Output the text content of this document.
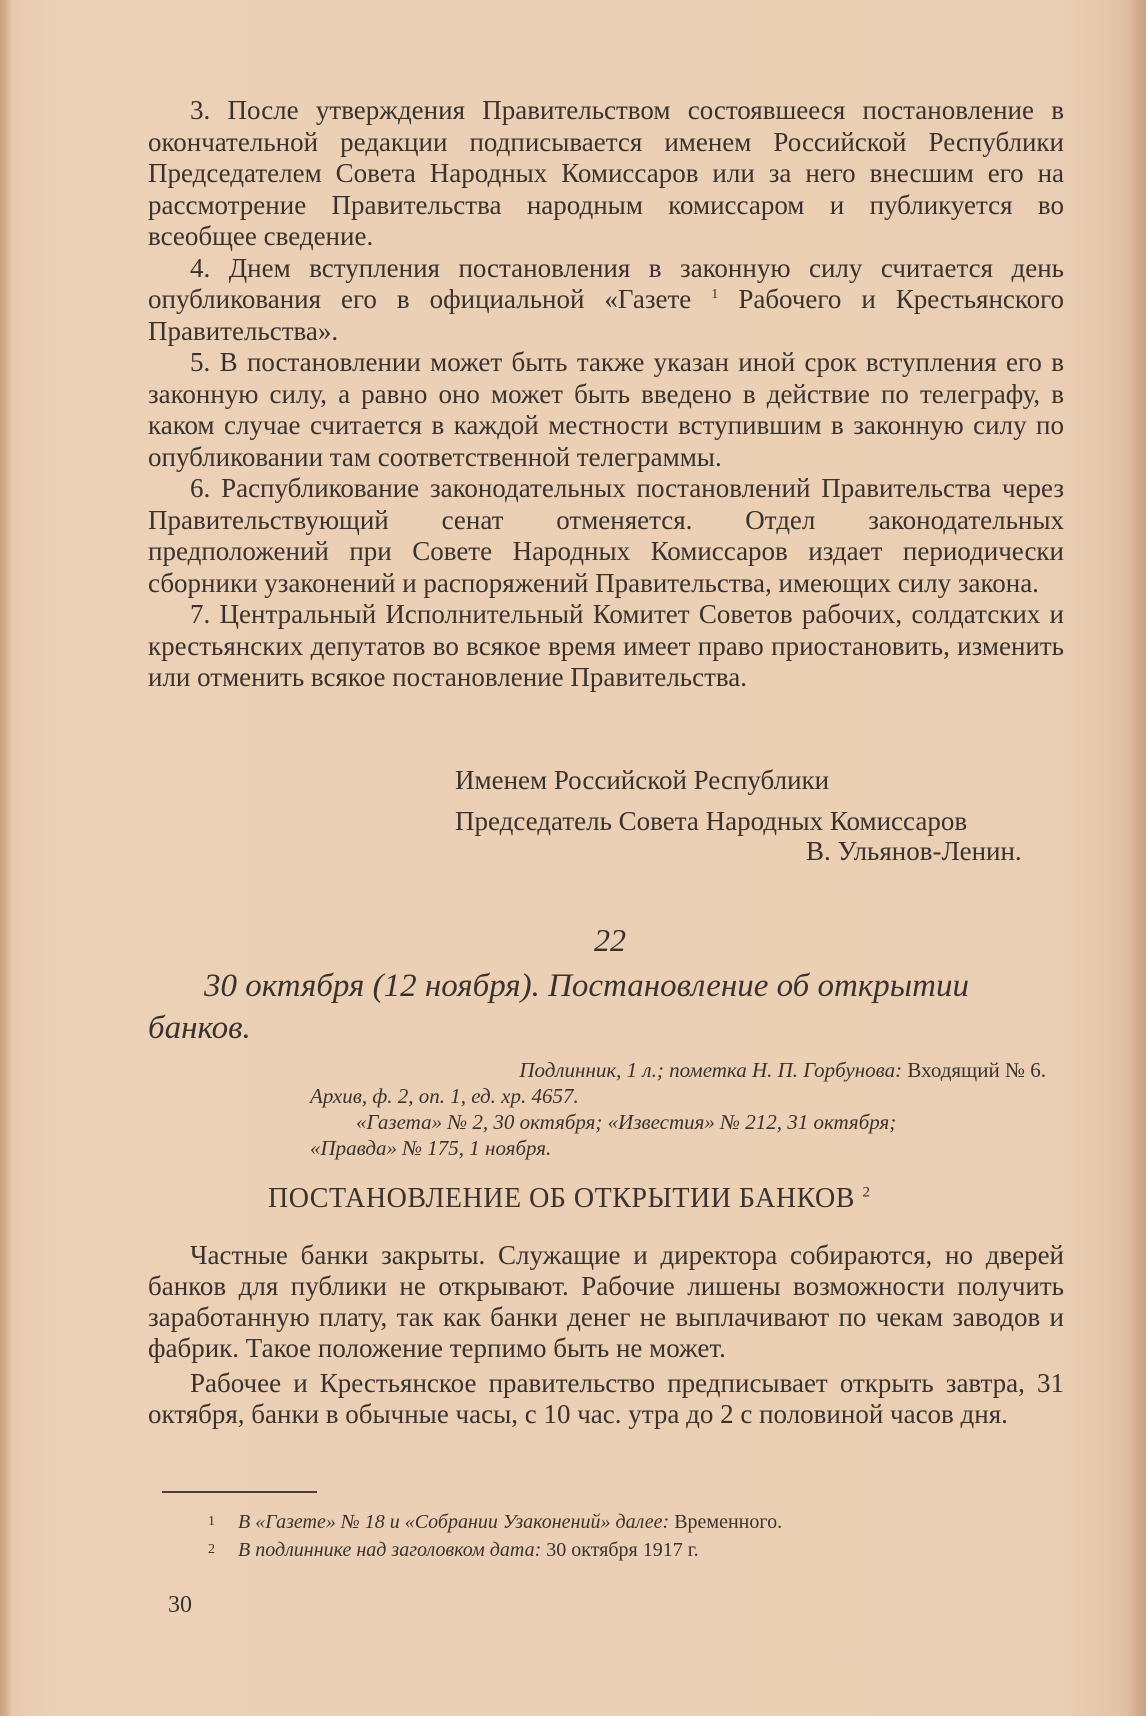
3. После утверждения Правительством состоявшееся постановление в окончательной редакции подписывается именем Российской Республики Председателем Совета Народных Комиссаров или за него внесшим его на рассмотрение Правительства народным комиссаром и публикуется во всеобщее сведение.

4. Днем вступления постановления в законную силу считается день опубликования его в официальной «Газете $^1$ Рабочего и Крестьянского Правительства».

5. В постановлении может быть также указан иной срок вступления его в законную силу, а равно оно может быть введено в действие по телеграфу, в каком случае считается в каждой местности вступившим в законную силу по опубликовании там соответственной телеграммы.

6. Распубликование законодательных постановлений Правительства через Правительствующий сенат отменяется. Отдел законодательных предположений при Совете Народных Комиссаров издает периодически сборники узаконений и распоряжений Правительства, имеющих силу закона.

7. Центральный Исполнительный Комитет Советов рабочих, солдатских и крестьянских депутатов во всякое время имеет право приостановить, изменить или отменить всякое постановление Правительства.

Именем Российской Республики
Председатель Совета Народных Комиссаров
В. Ульянов-Ленин.
22
30 октября (12 ноября). Постановление об открытии банков.
Подлинник, 1 л.; пометка Н. П. Горбунова: Входящий № 6.
Архив, ф. 2, оп. 1, ед. хр. 4657.
«Газета» № 2, 30 октября; «Известия» № 212, 31 октября;
«Правда» № 175, 1 ноября.
ПОСТАНОВЛЕНИЕ ОБ ОТКРЫТИИ БАНКОВ $^2$

Частные банки закрыты. Служащие и директора собираются, но дверей банков для публики не открывают. Рабочие лишены возможности получить заработанную плату, так как банки денег не выплачивают по чекам заводов и фабрик. Такое положение терпимо быть не может.

Рабочее и Крестьянское правительство предписывает открыть завтра, 31 октября, банки в обычные часы, с 10 час. утра до 2 с половиной часов дня.

1 В «Газете» № 18 и «Собрании Узаконений» далее: Временного.
2 В подлиннике над заголовком дата: 30 октября 1917 г.
30
